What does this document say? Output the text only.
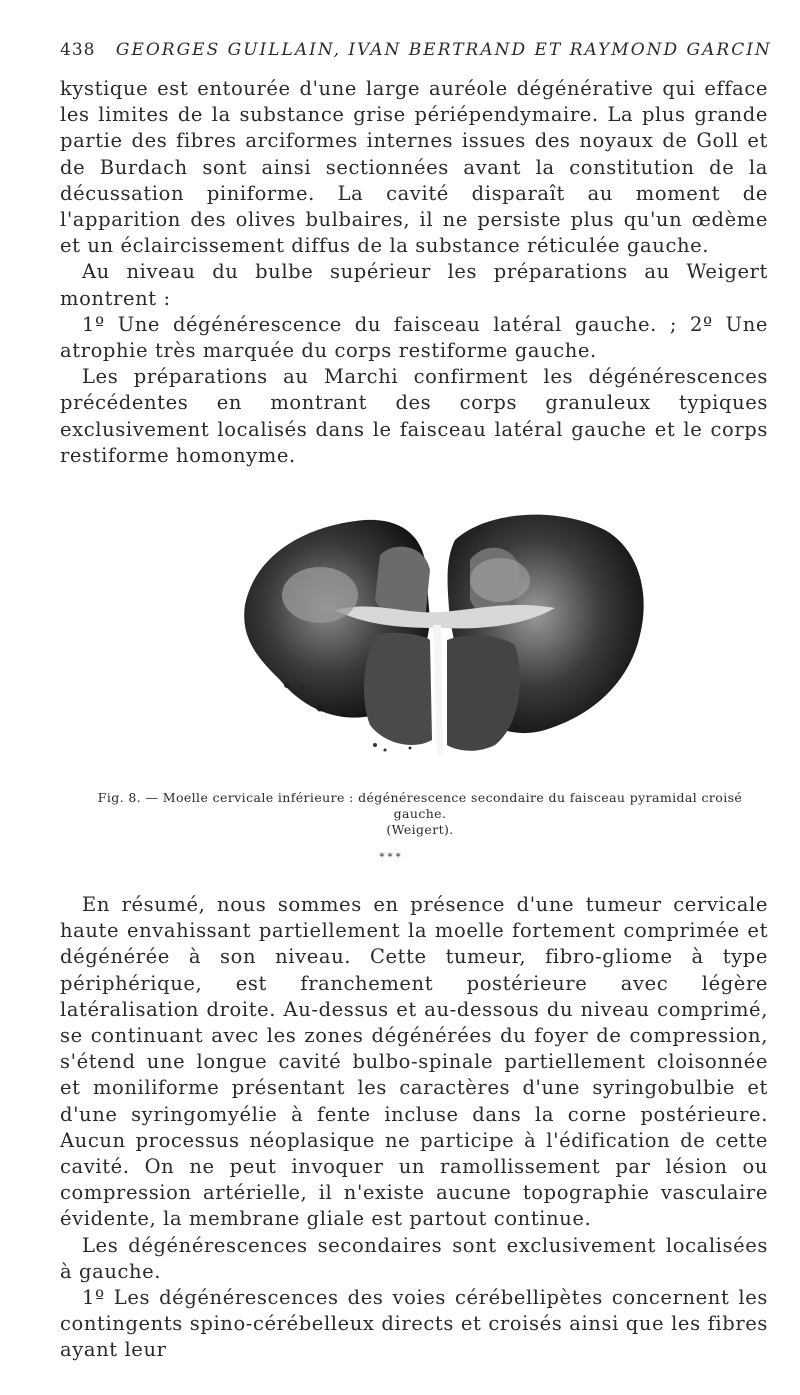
438 GEORGES GUILLAIN, IVAN BERTRAND ET RAYMOND GARCIN

kystique est entourée d'une large auréole dégénérative qui efface les limites de la substance grise périépendymaire. La plus grande partie des fibres arciformes internes issues des noyaux de Goll et de Burdach sont ainsi sectionnées avant la constitution de la décussation piniforme. La cavité disparaît au moment de l'apparition des olives bulbaires, il ne persiste plus qu'un œdème et un éclaircissement diffus de la substance réticulée gauche.

Au niveau du bulbe supérieur les préparations au Weigert montrent :

1º Une dégénérescence du faisceau latéral gauche. ; 2º Une atrophie très marquée du corps restiforme gauche.

Les préparations au Marchi confirment les dégénérescences précédentes en montrant des corps granuleux typiques exclusivement localisés dans le faisceau latéral gauche et le corps restiforme homonyme.

Fig. 8. — Moelle cervicale inférieure : dégénérescence secondaire du faisceau pyramidal croisé gauche.
(Weigert).
* * *

En résumé, nous sommes en présence d'une tumeur cervicale haute envahissant partiellement la moelle fortement comprimée et dégénérée à son niveau. Cette tumeur, fibro-gliome à type périphérique, est franchement postérieure avec légère latéralisation droite. Au-dessus et au-dessous du niveau comprimé, se continuant avec les zones dégénérées du foyer de compression, s'étend une longue cavité bulbo-spinale partiellement cloisonnée et moniliforme présentant les caractères d'une syringobulbie et d'une syringomyélie à fente incluse dans la corne postérieure. Aucun processus néoplasique ne participe à l'édification de cette cavité. On ne peut invoquer un ramollissement par lésion ou compression artérielle, il n'existe aucune topographie vasculaire évidente, la membrane gliale est partout continue.

Les dégénérescences secondaires sont exclusivement localisées à gauche.

1º Les dégénérescences des voies cérébellipètes concernent les contingents spino-cérébelleux directs et croisés ainsi que les fibres ayant leur
